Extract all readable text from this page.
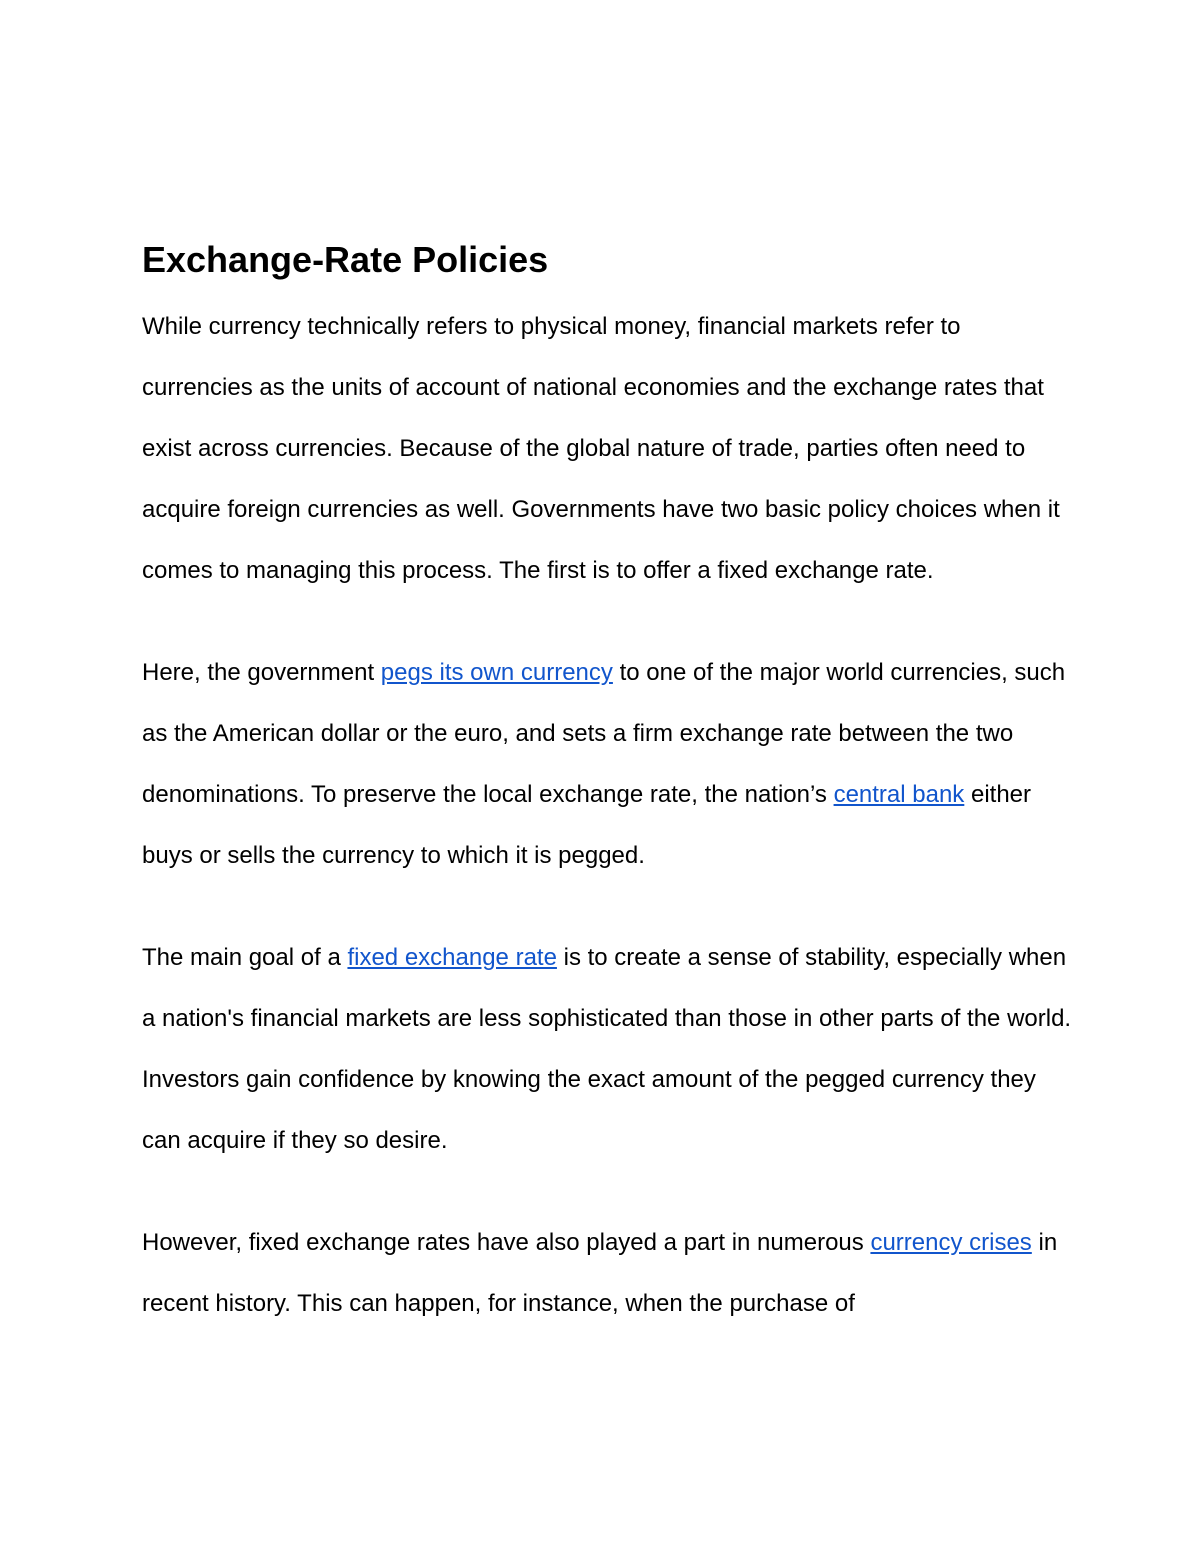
Exchange-Rate Policies

While currency technically refers to physical money, financial markets refer to currencies as the units of account of national economies and the exchange rates that exist across currencies. Because of the global nature of trade, parties often need to acquire foreign currencies as well. Governments have two basic policy choices when it comes to managing this process. The first is to offer a fixed exchange rate.

Here, the government pegs its own currency to one of the major world currencies, such as the American dollar or the euro, and sets a firm exchange rate between the two denominations. To preserve the local exchange rate, the nation’s central bank either buys or sells the currency to which it is pegged.

The main goal of a fixed exchange rate is to create a sense of stability, especially when a nation's financial markets are less sophisticated than those in other parts of the world. Investors gain confidence by knowing the exact amount of the pegged currency they can acquire if they so desire.

However, fixed exchange rates have also played a part in numerous currency crises in recent history. This can happen, for instance, when the purchase of
